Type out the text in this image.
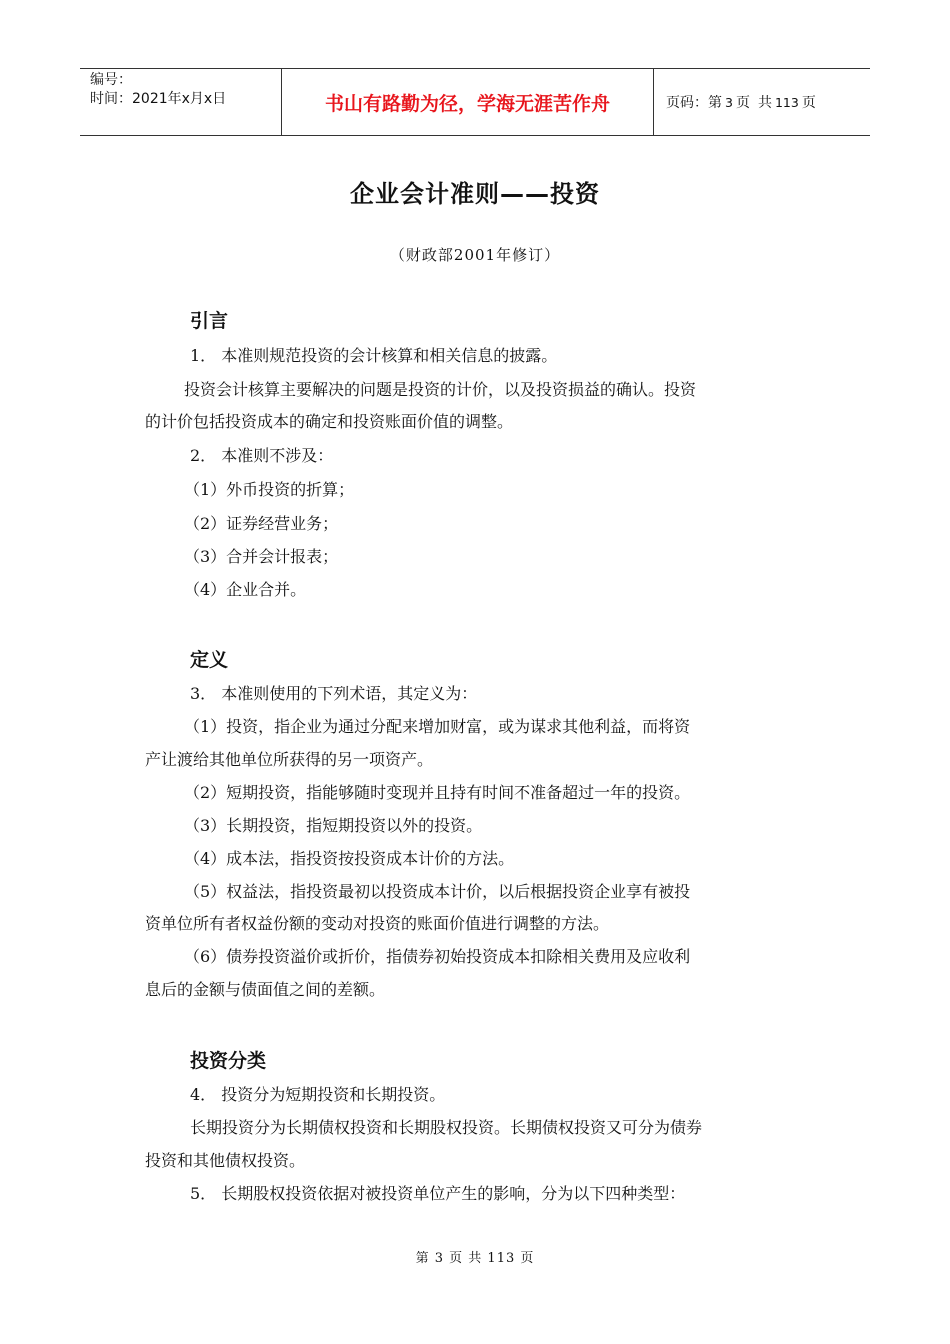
编号：
时间：2021年x月x日	书山有路勤为径，学海无涯苦作舟	页码：第 3 页 共 113 页
企业会计准则——投资
（财政部2001年修订）
引言
1． 本准则规范投资的会计核算和相关信息的披露。
投资会计核算主要解决的问题是投资的计价，以及投资损益的确认。投资
的计价包括投资成本的确定和投资账面价值的调整。
2． 本准则不涉及：
（1）外币投资的折算；
（2）证券经营业务；
（3）合并会计报表；
（4）企业合并。
定义
3． 本准则使用的下列术语，其定义为：
（1）投资，指企业为通过分配来增加财富，或为谋求其他利益，而将资
产让渡给其他单位所获得的另一项资产。
（2）短期投资，指能够随时变现并且持有时间不准备超过一年的投资。
（3）长期投资，指短期投资以外的投资。
（4）成本法，指投资按投资成本计价的方法。
（5）权益法，指投资最初以投资成本计价，以后根据投资企业享有被投
资单位所有者权益份额的变动对投资的账面价值进行调整的方法。
（6）债券投资溢价或折价，指债券初始投资成本扣除相关费用及应收利
息后的金额与债面值之间的差额。
投资分类
4． 投资分为短期投资和长期投资。
长期投资分为长期债权投资和长期股权投资。长期债权投资又可分为债券
投资和其他债权投资。
5． 长期股权投资依据对被投资单位产生的影响，分为以下四种类型：
第 3 页 共 113 页
